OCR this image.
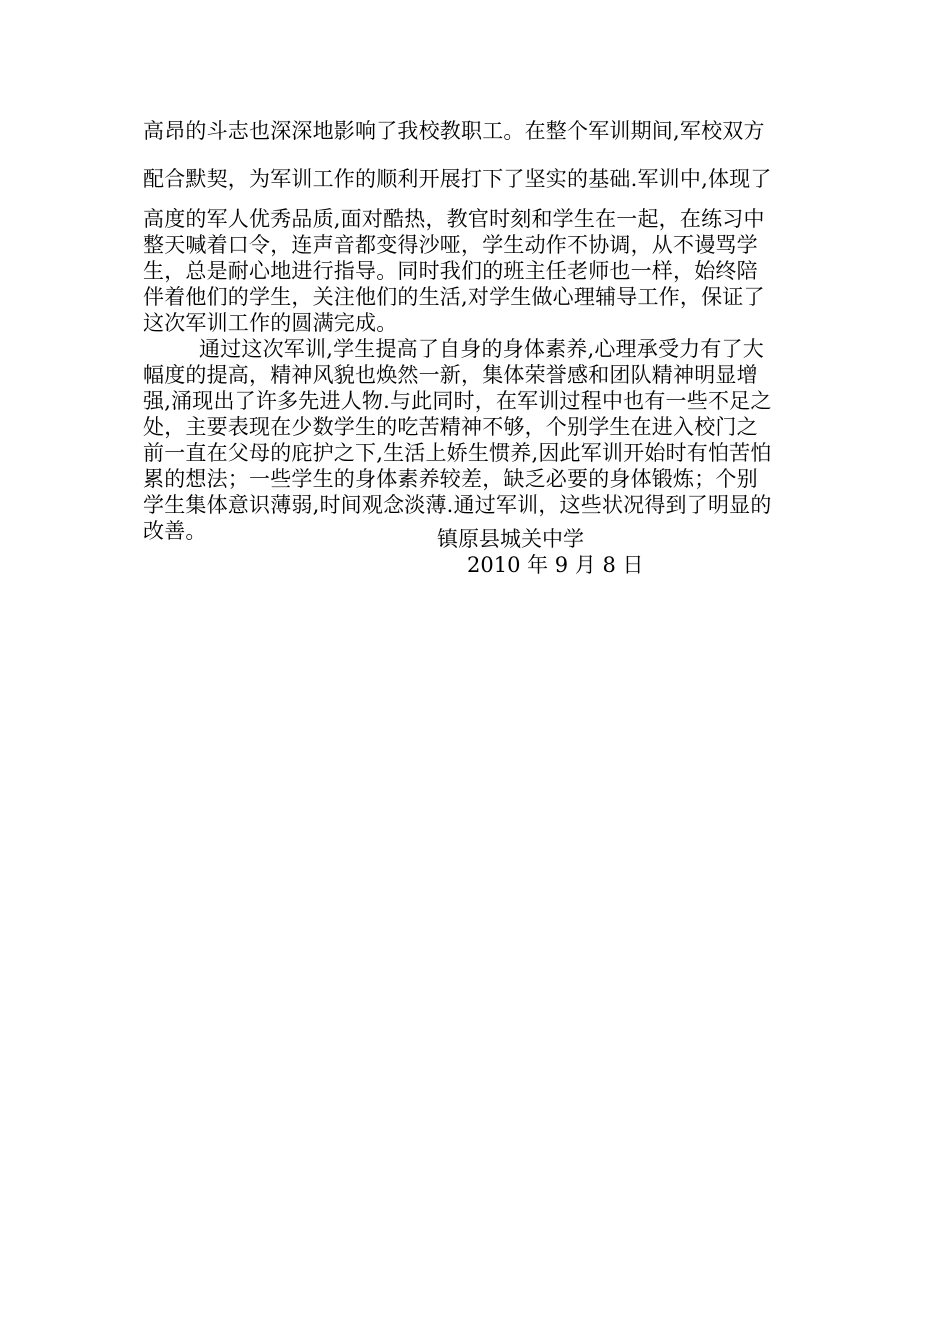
高昂的斗志也深深地影响了我校教职工。在整个军训期间,军校双方
配合默契，为军训工作的顺利开展打下了坚实的基础.军训中,体现了
高度的军人优秀品质,面对酷热，教官时刻和学生在一起，在练习中
整天喊着口令，连声音都变得沙哑，学生动作不协调，从不谩骂学
生，总是耐心地进行指导。同时我们的班主任老师也一样，始终陪
伴着他们的学生，关注他们的生活,对学生做心理辅导工作，保证了
这次军训工作的圆满完成。
通过这次军训,学生提高了自身的身体素养,心理承受力有了大
幅度的提高，精神风貌也焕然一新，集体荣誉感和团队精神明显增
强,涌现出了许多先进人物.与此同时，在军训过程中也有一些不足之
处，主要表现在少数学生的吃苦精神不够，个别学生在进入校门之
前一直在父母的庇护之下,生活上娇生惯养,因此军训开始时有怕苦怕
累的想法；一些学生的身体素养较差，缺乏必要的身体锻炼；个别
学生集体意识薄弱,时间观念淡薄.通过军训，这些状况得到了明显的
改善。	镇原县城关中学
2010 年 9 月 8 日
